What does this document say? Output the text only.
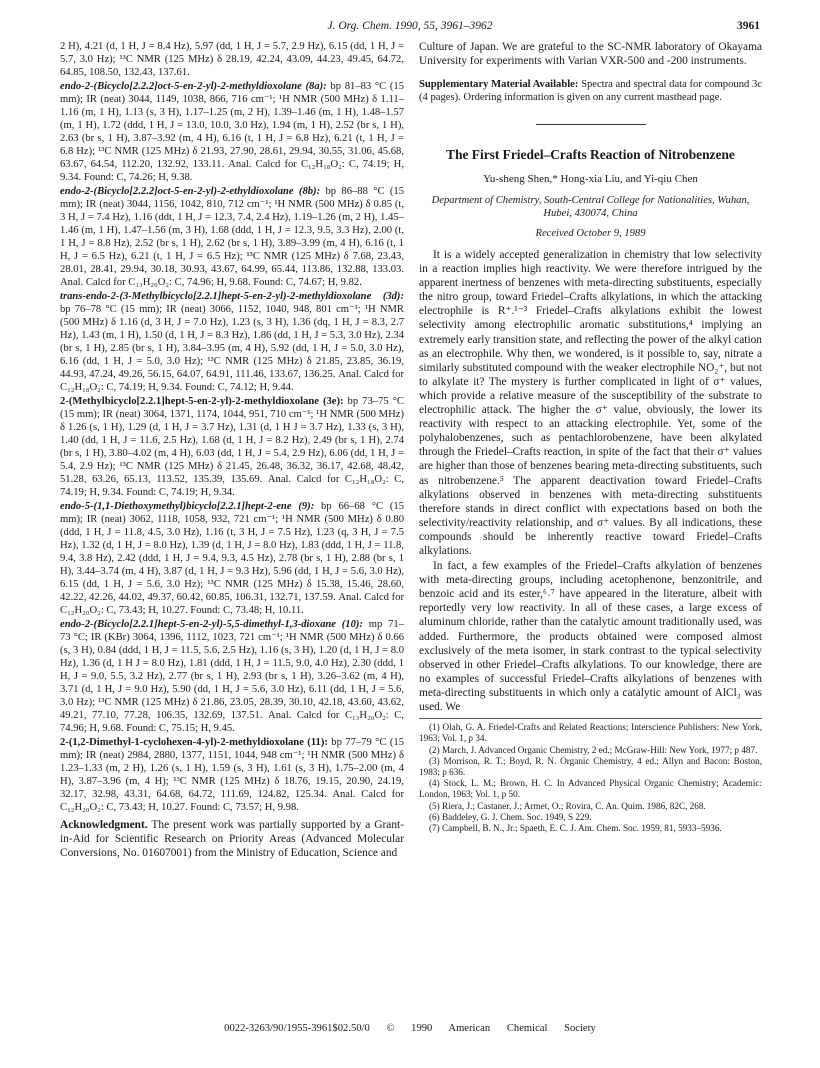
J. Org. Chem. 1990, 55, 3961–3962	3961

2 H), 4.21 (d, 1 H, J = 8.4 Hz), 5.97 (dd, 1 H, J = 5.7, 2.9 Hz), 6.15 (dd, 1 H, J = 5.7, 3.0 Hz); ¹³C NMR (125 MHz) δ 28.19, 42.24, 43.09, 44.23, 49.45, 64.72, 64.85, 108.50, 132.43, 137.61.

endo-2-(Bicyclo[2.2.2]oct-5-en-2-yl)-2-methyldioxolane (8a): bp 81–83 °C (15 mm); IR (neat) 3044, 1149, 1038, 866, 716 cm⁻¹; ¹H NMR (500 MHz) δ 1.11–1.16 (m, 1 H), 1.13 (s, 3 H), 1.17–1.25 (m, 2 H), 1.39–1.46 (m, 1 H), 1.48–1.57 (m, 1 H), 1.72 (ddd, 1 H, J = 13.0, 10.0, 3.0 Hz), 1.94 (m, 1 H), 2.52 (br s, 1 H), 2.63 (br s, 1 H), 3.87–3.92 (m, 4 H), 6.16 (t, 1 H, J = 6.8 Hz), 6.21 (t, 1 H, J = 6.8 Hz); ¹³C NMR (125 MHz) δ 21.93, 27.90, 28.61, 29.94, 30.55, 31.06, 45.68, 63.67, 64.54, 112.20, 132.92, 133.11. Anal. Calcd for C₁₂H₁₈O₂: C, 74.19; H, 9.34. Found: C, 74.26; H, 9.38.

endo-2-(Bicyclo[2.2.2]oct-5-en-2-yl)-2-ethyldioxolane (8b): bp 86–88 °C (15 mm); IR (neat) 3044, 1156, 1042, 810, 712 cm⁻¹; ¹H NMR (500 MHz) δ 0.85 (t, 3 H, J = 7.4 Hz), 1.16 (ddt, 1 H, J = 12.3, 7.4, 2.4 Hz), 1.19–1.26 (m, 2 H), 1.45–1.46 (m, 1 H), 1.47–1.56 (m, 3 H), 1.68 (ddd, 1 H, J = 12.3, 9.5, 3.3 Hz), 2.00 (t, 1 H, J = 8.8 Hz), 2.52 (br s, 1 H), 2.62 (br s, 1 H), 3.89–3.99 (m, 4 H), 6.16 (t, 1 H, J = 6.5 Hz), 6.21 (t, 1 H, J = 6.5 Hz); ¹³C NMR (125 MHz) δ 7.68, 23.43, 28.01, 28.41, 29.94, 30.18, 30.93, 43.67, 64.99, 65.44, 113.86, 132.88, 133.03. Anal. Calcd for C₁₃H₂₀O₂: C, 74.96; H, 9.68. Found: C, 74.67; H, 9.82.

trans-endo-2-(3-Methylbicyclo[2.2.1]hept-5-en-2-yl)-2-methyldioxolane (3d): bp 76–78 °C (15 mm); IR (neat) 3066, 1152, 1040, 948, 801 cm⁻¹; ¹H NMR (500 MHz) δ 1.16 (d, 3 H, J = 7.0 Hz), 1.23 (s, 3 H), 1.36 (dq, 1 H, J = 8.3, 2.7 Hz), 1.43 (m, 1 H), 1.50 (d, 1 H, J = 8.3 Hz), 1.86 (dd, 1 H, J = 5.3, 3.0 Hz), 2.34 (br s, 1 H), 2.85 (br s, 1 H), 3.84–3.95 (m, 4 H), 5.92 (dd, 1 H, J = 5.0, 3.0 Hz), 6.16 (dd, 1 H, J = 5.0, 3.0 Hz); ¹³C NMR (125 MHz) δ 21.85, 23.85, 36.19, 44.93, 47.24, 49.26, 56.15, 64.07, 64.91, 111.46, 133.67, 136.25. Anal. Calcd for C₁₂H₁₈O₂: C, 74.19; H, 9.34. Found: C, 74.12; H, 9.44.

2-(Methylbicyclo[2.2.1]hept-5-en-2-yl)-2-methyldioxolane (3e): bp 73–75 °C (15 mm); IR (neat) 3064, 1371, 1174, 1044, 951, 710 cm⁻¹; ¹H NMR (500 MHz) δ 1.26 (s, 1 H), 1.29 (d, 1 H, J = 3.7 Hz), 1.31 (d, 1 H J = 3.7 Hz), 1.33 (s, 3 H), 1.40 (dd, 1 H, J = 11.6, 2.5 Hz), 1.68 (d, 1 H, J = 8.2 Hz), 2.49 (br s, 1 H), 2.74 (br s, 1 H), 3.80–4.02 (m, 4 H), 6.03 (dd, 1 H, J = 5.4, 2.9 Hz), 6.06 (dd, 1 H, J = 5.4, 2.9 Hz); ¹³C NMR (125 MHz) δ 21.45, 26.48, 36.32, 36.17, 42.68, 48.42, 51.28, 63.26, 65.13, 113.52, 135.39, 135.69. Anal. Calcd for C₁₂H₁₈O₂: C, 74.19; H, 9.34. Found: C, 74.19; H, 9.34.

endo-5-(1,1-Diethoxymethyl)bicyclo[2.2.1]hept-2-ene (9): bp 66–68 °C (15 mm); IR (neat) 3062, 1118, 1058, 932, 721 cm⁻¹; ¹H NMR (500 MHz) δ 0.80 (ddd, 1 H, J = 11.8, 4.5, 3.0 Hz), 1.16 (t, 3 H, J = 7.5 Hz), 1.23 (q, 3 H, J = 7.5 Hz), 1.32 (d, 1 H, J = 8.0 Hz), 1.39 (d, 1 H, J = 8.0 Hz), 1.83 (ddd, 1 H, J = 11.8, 9.4, 3.8 Hz), 2.42 (ddd, 1 H, J = 9.4, 9.3, 4.5 Hz), 2.78 (br s, 1 H), 2.88 (br s, 1 H), 3.44–3.74 (m, 4 H), 3.87 (d, 1 H, J = 9.3 Hz), 5.96 (dd, 1 H, J = 5.6, 3.0 Hz), 6.15 (dd, 1 H, J = 5.6, 3.0 Hz); ¹³C NMR (125 MHz) δ 15.38, 15.46, 28.60, 42.22, 42.26, 44.02, 49.37, 60.42, 60.85, 106.31, 132.71, 137.59. Anal. Calcd for C₁₂H₂₀O₂: C, 73.43; H, 10.27. Found: C, 73.48; H, 10.11.

endo-2-(Bicyclo[2.2.1]hept-5-en-2-yl)-5,5-dimethyl-1,3-dioxane (10): mp 71–73 °C; IR (KBr) 3064, 1396, 1112, 1023, 721 cm⁻¹; ¹H NMR (500 MHz) δ 0.66 (s, 3 H), 0.84 (ddd, 1 H, J = 11.5, 5.6, 2.5 Hz), 1.16 (s, 3 H), 1.20 (d, 1 H, J = 8.0 Hz), 1.36 (d, 1 H J = 8.0 Hz), 1.81 (ddd, 1 H, J = 11.5, 9.0, 4.0 Hz), 2.30 (ddd, 1 H, J = 9.0, 5.5, 3.2 Hz), 2.77 (br s, 1 H), 2.93 (br s, 1 H), 3.26–3.62 (m, 4 H), 3.71 (d, 1 H, J = 9.0 Hz), 5.90 (dd, 1 H, J = 5.6, 3.0 Hz), 6.11 (dd, 1 H, J = 5.6, 3.0 Hz); ¹³C NMR (125 MHz) δ 21.86, 23.05, 28.39, 30.10, 42.18, 43.60, 43.62, 49.21, 77.10, 77.28, 106.35, 132.69, 137.51. Anal. Calcd for C₁₃H₂₀O₂: C, 74.96; H, 9.68. Found: C, 75.15; H, 9.45.

2-(1,2-Dimethyl-1-cyclohexen-4-yl)-2-methyldioxolane (11): bp 77–79 °C (15 mm); IR (neat) 2984, 2880, 1377, 1151, 1044, 948 cm⁻¹; ¹H NMR (500 MHz) δ 1.23–1.33 (m, 2 H), 1.26 (s, 1 H), 1.59 (s, 3 H), 1.61 (s, 3 H), 1.75–2.00 (m, 4 H), 3.87–3.96 (m, 4 H); ¹³C NMR (125 MHz) δ 18.76, 19.15, 20.90, 24.19, 32.17, 32.98, 43.31, 64.68, 64.72, 111.69, 124.82, 125.34. Anal. Calcd for C₁₂H₂₀O₂: C, 73.43; H, 10.27. Found: C, 73.57; H, 9.98.

Acknowledgment. The present work was partially supported by a Grant-in-Aid for Scientific Research on Priority Areas (Advanced Molecular Conversions, No. 01607001) from the Ministry of Education, Science and

Culture of Japan. We are grateful to the SC-NMR laboratory of Okayama University for experiments with Varian VXR-500 and -200 instruments.

Supplementary Material Available: Spectra and spectral data for compound 3c (4 pages). Ordering information is given on any current masthead page.

The First Friedel–Crafts Reaction of Nitrobenzene
Yu-sheng Shen,* Hong-xia Liu, and Yi-qiu Chen
Department of Chemistry, South-Central College for Nationalities, Wuhan, Hubei, 430074, China
Received October 9, 1989

It is a widely accepted generalization in chemistry that low selectivity in a reaction implies high reactivity. We were therefore intrigued by the apparent inertness of benzenes with meta-directing substituents, especially the nitro group, toward Friedel–Crafts alkylations, in which the attacking electrophile is R⁺.¹⁻³ Friedel–Crafts alkylations exhibit the lowest selectivity among electrophilic aromatic substitutions,⁴ implying an extremely early transition state, and reflecting the power of the alkyl cation as an electrophile. Why then, we wondered, is it possible to, say, nitrate a similarly substituted compound with the weaker electrophile NO₂⁺, but not to alkylate it? The mystery is further complicated in light of σ⁺ values, which provide a relative measure of the susceptibility of the substrate to electrophilic attack. The higher the σ⁺ value, obviously, the lower its reactivity with respect to an attacking electrophile. Yet, some of the polyhalobenzenes, such as pentachlorobenzene, have been alkylated through the Friedel–Crafts reaction, in spite of the fact that their σ⁺ values are higher than those of benzenes bearing meta-directing substituents, such as nitrobenzene.⁵ The apparent deactivation toward Friedel–Crafts alkylations observed in benzenes with meta-directing substituents therefore stands in direct conflict with expectations based on both the selectivity/reactivity relationship, and σ⁺ values. By all indications, these compounds should be inherently reactive toward Friedel–Crafts alkylations.

In fact, a few examples of the Friedel–Crafts alkylation of benzenes with meta-directing groups, including acetophenone, benzonitrile, and benzoic acid and its ester,⁶˒⁷ have appeared in the literature, albeit with reportedly very low reactivity. In all of these cases, a large excess of aluminum chloride, rather than the catalytic amount traditionally used, was added. Furthermore, the products obtained were composed almost exclusively of the meta isomer, in stark contrast to the typical selectivity observed in other Friedel–Crafts alkylations. To our knowledge, there are no examples of successful Friedel–Crafts alkylations of benzenes with meta-directing substituents in which only a catalytic amount of AlCl₃ was used. We

(1) Olah, G. A. Friedel-Crafts and Related Reactions; Interscience Publishers: New York, 1963; Vol. 1, p 34.
(2) March, J. Advanced Organic Chemistry, 2 ed.; McGraw-Hill: New York, 1977; p 487.
(3) Morrison, R. T.; Boyd, R. N. Organic Chemistry, 4 ed.; Allyn and Bacon: Boston, 1983; p 636.
(4) Stock, L. M.; Brown, H. C. In Advanced Physical Organic Chemistry; Academic: London, 1963; Vol. 1, p 50.
(5) Riera, J.; Castaner, J.; Armet, O.; Rovira, C. An. Quim. 1986, 82C, 268.
(6) Baddeley, G. J. Chem. Soc. 1949, S 229.
(7) Campbell, B. N., Jr.; Spaeth, E. C. J. Am. Chem. Soc. 1959, 81, 5933–5936.
0022-3263/90/1955-3961$02.50/0 © 1990 American Chemical Society
